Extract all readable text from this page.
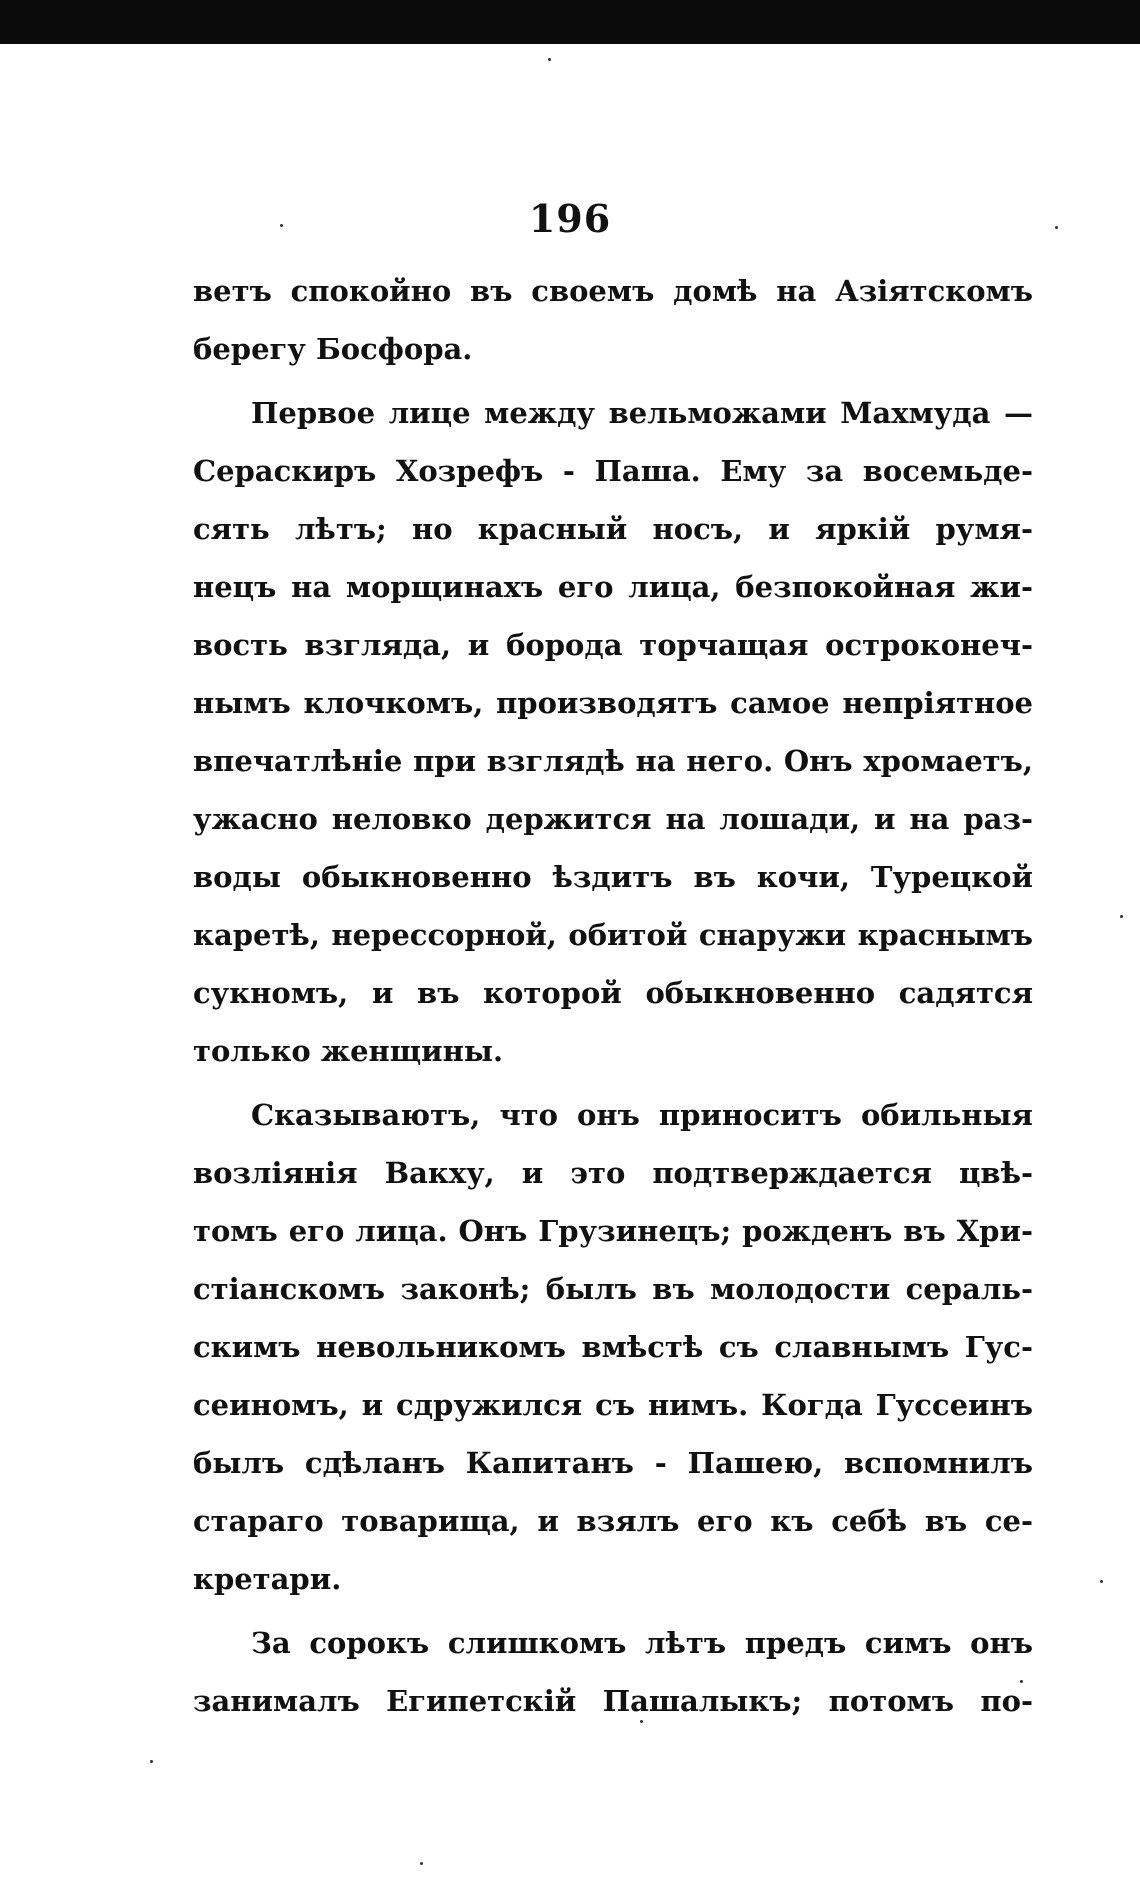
196
ветъ спокойно въ своемъ домѣ на Азіятскомъ
берегу Босфора.
Первое лице между вельможами Махмуда —
Сераскиръ Хозрефъ - Паша. Ему за восемьде-
сять лѣтъ; но красный носъ, и яркій румя-
нецъ на морщинахъ его лица, безпокойная жи-
вость взгляда, и борода торчащая остроконеч-
нымъ клочкомъ, производятъ самое непріятное
впечатлѣніе при взглядѣ на него. Онъ хромаетъ,
ужасно неловко держится на лошади, и на раз-
воды обыкновенно ѣздитъ въ кочи, Турецкой
каретѣ, нерессорной, обитой снаружи краснымъ
сукномъ, и въ которой обыкновенно садятся
только женщины.
Сказываютъ, что онъ приноситъ обильныя
возліянія Вакху, и это подтверждается цвѣ-
томъ его лица. Онъ Грузинецъ; рожденъ въ Хри-
стіанскомъ законѣ; былъ въ молодости сераль-
скимъ невольникомъ вмѣстѣ съ славнымъ Гус-
сеиномъ, и сдружился съ нимъ. Когда Гуссеинъ
былъ сдѣланъ Капитанъ - Пашею, вспомнилъ
стараго товарища, и взялъ его къ себѣ въ се-
кретари.
За сорокъ слишкомъ лѣтъ предъ симъ онъ
занималъ Египетскій Пашалыкъ; потомъ по-
